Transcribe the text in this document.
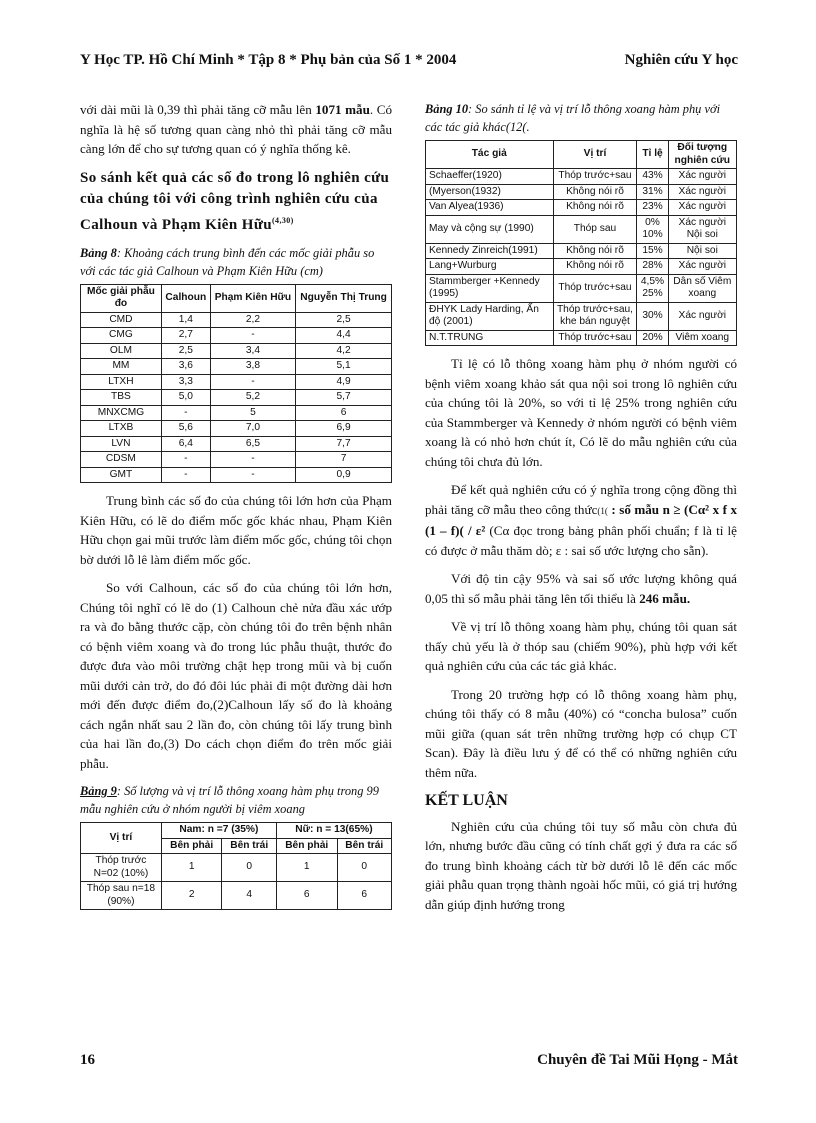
Y Học TP. Hồ Chí Minh * Tập 8 * Phụ bản của Số 1 * 2004	Nghiên cứu Y học

với dài mũi là 0,39 thì phải tăng cỡ mẫu lên 1071 mẫu. Có nghĩa là hệ số tương quan càng nhỏ thì phải tăng cỡ mẫu càng lớn để cho sự tương quan có ý nghĩa thống kê.

So sánh kết quả các số đo trong lô nghiên cứu của chúng tôi với công trình nghiên cứu của Calhoun và Phạm Kiên Hữu$^{(4,30)}$
Bảng 8: Khoảng cách trung bình đến các mốc giải phẫu so với các tác giả Calhoun và Phạm Kiên Hữu (cm)
Mốc giải phẫu đo	Calhoun	Phạm Kiên Hữu	Nguyễn Thị Trung
CMD	1,4	2,2	2,5
CMG	2,7	-	4,4
OLM	2,5	3,4	4,2
MM	3,6	3,8	5,1
LTXH	3,3	-	4,9
TBS	5,0	5,2	5,7
MNXCMG	-	5	6
LTXB	5,6	7,0	6,9
LVN	6,4	6,5	7,7
CDSM	-	-	7
GMT	-	-	0,9

Trung bình các số đo của chúng tôi lớn hơn của Phạm Kiên Hữu, có lẽ do điểm mốc gốc khác nhau, Phạm Kiên Hữu chọn gai mũi trước làm điểm mốc gốc, chúng tôi chọn bờ dưới lỗ lê làm điểm mốc gốc.

So với Calhoun, các số đo của chúng tôi lớn hơn, Chúng tôi nghĩ có lẽ do (1) Calhoun chẻ nửa đầu xác ướp ra và đo bằng thước cặp, còn chúng tôi đo trên bệnh nhân có bệnh viêm xoang và đo trong lúc phẫu thuật, thước đo được đưa vào môi trường chật hẹp trong mũi và bị cuốn mũi dưới cản trở, do đó đôi lúc phải đi một đường dài hơn mới đến được điểm đo,(2)Calhoun lấy số đo là khoảng cách ngắn nhất sau 2 lần đo, còn chúng tôi lấy trung bình của hai lần đo,(3) Do cách chọn điểm đo trên mốc giải phẫu.

Bảng 9: Số lượng và vị trí lỗ thông xoang hàm phụ trong 99 mẫu nghiên cứu ở nhóm người bị viêm xoang
Vị trí	Nam: n =7 (35%)		Nữ: n = 13(65%)	
	Bên phải	Bên trái	Bên phải	Bên trái
Thóp trước N=02 (10%)	1	0	1	0
Thóp sau n=18 (90%)	2	4	6	6
Bảng 10: So sánh tỉ lệ và vị trí lỗ thông xoang hàm phụ với các tác giả khác(12(.
Tác giả	Vị trí	Tỉ lệ	Đối tượng nghiên cứu
Schaeffer(1920)	Thóp trước+sau	43%	Xác người
(Myerson(1932)	Không nói rõ	31%	Xác người
Van Alyea(1936)	Không nói rõ	23%	Xác người
May và cộng sự (1990)	Thóp sau	0% 10%	Xác người Nội soi
Kennedy Zinreich(1991)	Không nói rõ	15%	Nội soi
Lang+Wurburg	Không nói rõ	28%	Xác người
Stammberger +Kennedy (1995)	Thóp trước+sau	4,5% 25%	Dân số Viêm xoang
ĐHYK Lady Harding, Ấn độ (2001)	Thóp trước+sau, khe bán nguyệt	30%	Xác người
N.T.TRUNG	Thóp trước+sau	20%	Viêm xoang

Tỉ lệ có lỗ thông xoang hàm phụ ở nhóm người có bệnh viêm xoang khảo sát qua nội soi trong lô nghiên cứu của chúng tôi là 20%, so với tỉ lệ 25% trong nghiên cứu của Stammberger và Kennedy ở nhóm người có bệnh viêm xoang là có nhỏ hơn chút ít, Có lẽ do mẫu nghiên cứu của chúng tôi chưa đủ lớn.

Để kết quả nghiên cứu có ý nghĩa trong cộng đồng thì phải tăng cỡ mẫu theo công thức(1( : số mẫu n ≥ (Cα² x f x (1 – f)( / ε² (Cα đọc trong bảng phân phối chuẩn; f là tỉ lệ có được ở mẫu thăm dò; ε : sai số ước lượng cho sẵn).

Với độ tin cậy 95% và sai số ước lượng không quá 0,05 thì số mẫu phải tăng lên tối thiểu là 246 mẫu.

Về vị trí lỗ thông xoang hàm phụ, chúng tôi quan sát thấy chủ yếu là ở thóp sau (chiếm 90%), phù hợp với kết quả nghiên cứu của các tác giả khác.

Trong 20 trường hợp có lỗ thông xoang hàm phụ, chúng tôi thấy có 8 mẫu (40%) có “concha bulosa” cuốn mũi giữa (quan sát trên những trường hợp có chụp CT Scan). Đây là điều lưu ý để có thể có những nghiên cứu thêm nữa.

KẾT LUẬN

Nghiên cứu của chúng tôi tuy số mẫu còn chưa đủ lớn, nhưng bước đầu cũng có tính chất gợi ý đưa ra các số đo trung bình khoảng cách từ bờ dưới lỗ lê đến các mốc giải phẫu quan trọng thành ngoài hốc mũi, có giá trị hướng dẫn giúp định hướng trong

16	Chuyên đề Tai Mũi Họng - Mắt
